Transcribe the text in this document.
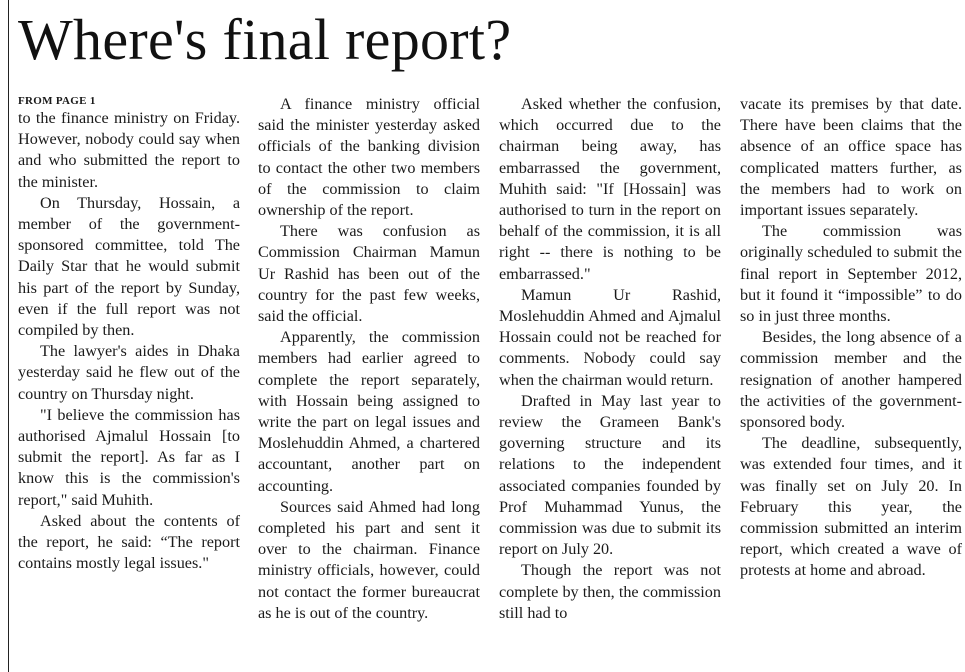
Where's final report?
FROM PAGE 1

to the finance ministry on Friday. However, nobody could say when and who submitted the report to the minister.

On Thursday, Hossain, a member of the government-sponsored committee, told The Daily Star that he would submit his part of the report by Sunday, even if the full report was not compiled by then.

The lawyer's aides in Dhaka yesterday said he flew out of the country on Thursday night.

"I believe the commission has authorised Ajmalul Hossain [to submit the report]. As far as I know this is the commission's report," said Muhith.

Asked about the contents of the report, he said: “The report contains mostly legal issues."

A finance ministry official said the minister yesterday asked officials of the banking division to contact the other two members of the commission to claim ownership of the report.

There was confusion as Commission Chairman Mamun Ur Rashid has been out of the country for the past few weeks, said the official.

Apparently, the commission members had earlier agreed to complete the report separately, with Hossain being assigned to write the part on legal issues and Moslehuddin Ahmed, a chartered accountant, another part on accounting.

Sources said Ahmed had long completed his part and sent it over to the chairman. Finance ministry officials, however, could not contact the former bureaucrat as he is out of the country.

Asked whether the confusion, which occurred due to the chairman being away, has embarrassed the government, Muhith said: "If [Hossain] was authorised to turn in the report on behalf of the commission, it is all right -- there is nothing to be embarrassed."

Mamun Ur Rashid, Moslehuddin Ahmed and Ajmalul Hossain could not be reached for comments. Nobody could say when the chairman would return.

Drafted in May last year to review the Grameen Bank's governing structure and its relations to the independent associated companies founded by Prof Muhammad Yunus, the commission was due to submit its report on July 20.

Though the report was not complete by then, the commission still had to

vacate its premises by that date. There have been claims that the absence of an office space has complicated matters further, as the members had to work on important issues separately.

The commission was originally scheduled to submit the final report in September 2012, but it found it “impossible” to do so in just three months.

Besides, the long absence of a commission member and the resignation of another hampered the activities of the government-sponsored body.

The deadline, subsequently, was extended four times, and it was finally set on July 20. In February this year, the commission submitted an interim report, which created a wave of protests at home and abroad.
